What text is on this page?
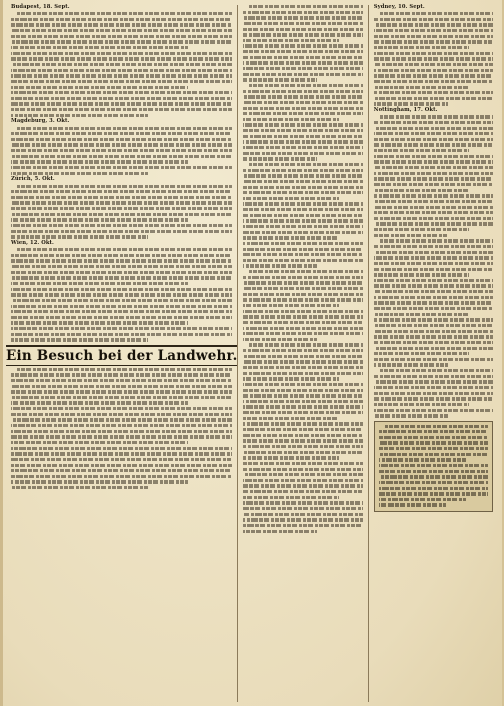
Budapest, 18. Sept.
Magdeburg, 3. Okt.
Zürich, 5. Okt.
Wien, 12. Okt.
Ein Besuch bei der Landwehr.
Sydney, 10. Sept.
Nottingham, 17. Okt.
